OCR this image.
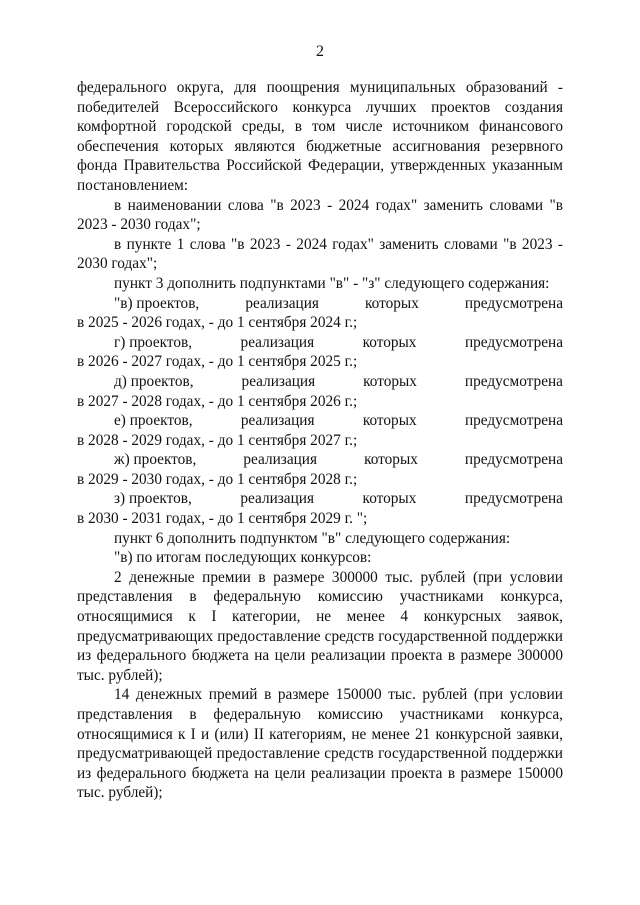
2

федерального округа, для поощрения муниципальных образований - победителей Всероссийского конкурса лучших проектов создания комфортной городской среды, в том числе источником финансового обеспечения которых являются бюджетные ассигнования резервного фонда Правительства Российской Федерации, утвержденных указанным постановлением:

в наименовании слова "в 2023 - 2024 годах" заменить словами "в 2023 - 2030 годах";

в пункте 1 слова "в 2023 - 2024 годах" заменить словами "в 2023 - 2030 годах";

пункт 3 дополнить подпунктами "в" - "з" следующего содержания:

"в) проектов,	реализация	которых	предусмотрена

в 2025 - 2026 годах, - до 1 сентября 2024 г.;

г) проектов,	реализация	которых	предусмотрена

в 2026 - 2027 годах, - до 1 сентября 2025 г.;

д) проектов,	реализация	которых	предусмотрена

в 2027 - 2028 годах, - до 1 сентября 2026 г.;

е) проектов,	реализация	которых	предусмотрена

в 2028 - 2029 годах, - до 1 сентября 2027 г.;

ж) проектов,	реализация	которых	предусмотрена

в 2029 - 2030 годах, - до 1 сентября 2028 г.;

з) проектов,	реализация	которых	предусмотрена

в 2030 - 2031 годах, - до 1 сентября 2029 г. ";

пункт 6 дополнить подпунктом "в" следующего содержания:

"в) по итогам последующих конкурсов:

2 денежные премии в размере 300000 тыс. рублей (при условии представления в федеральную комиссию участниками конкурса, относящимися к I категории, не менее 4 конкурсных заявок, предусматривающих предоставление средств государственной поддержки из федерального бюджета на цели реализации проекта в размере 300000 тыс. рублей);

14 денежных премий в размере 150000 тыс. рублей (при условии представления в федеральную комиссию участниками конкурса, относящимися к I и (или) II категориям, не менее 21 конкурсной заявки, предусматривающей предоставление средств государственной поддержки из федерального бюджета на цели реализации проекта в размере 150000 тыс. рублей);
